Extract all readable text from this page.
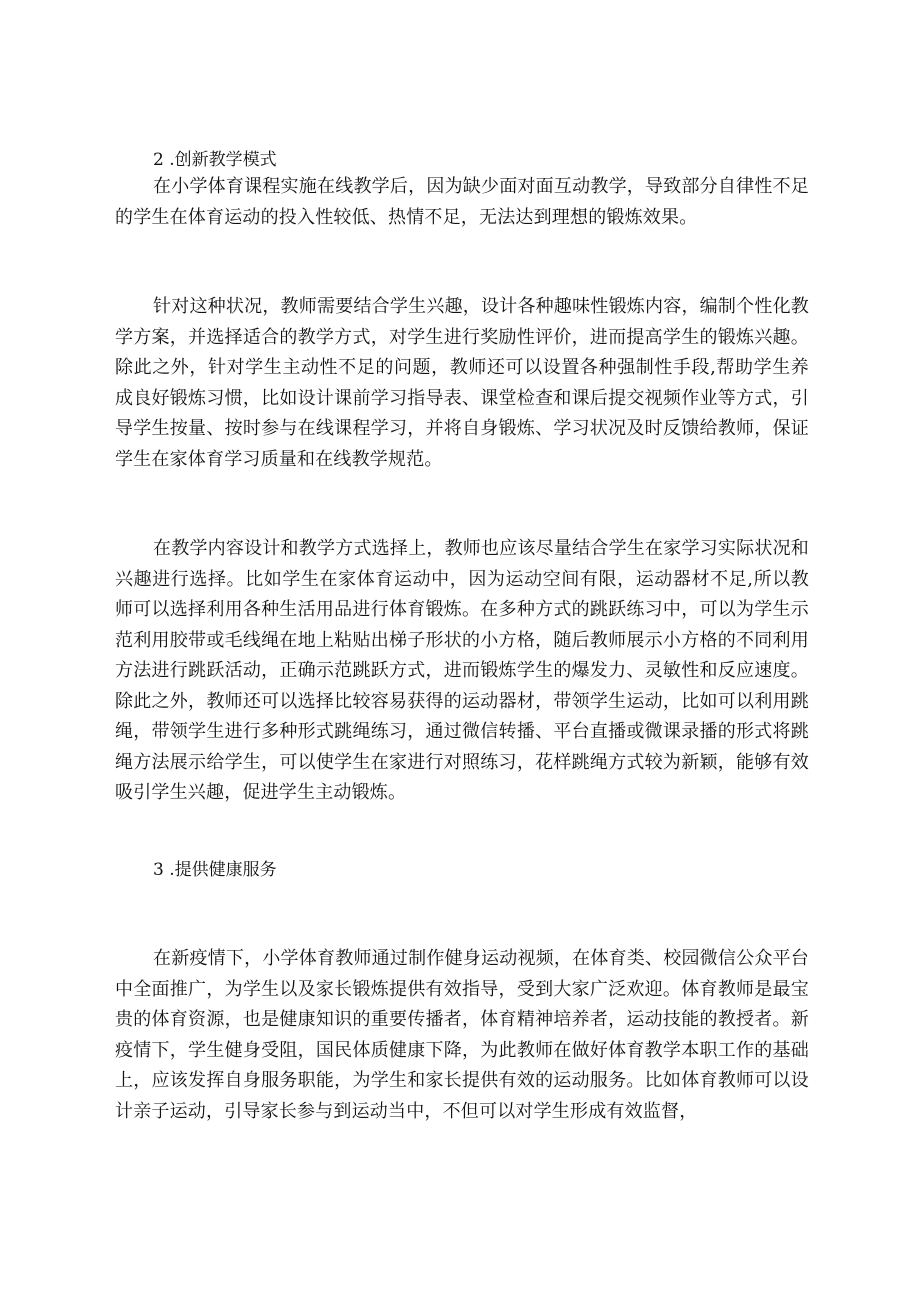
2 .创新教学模式

在小学体育课程实施在线教学后，因为缺少面对面互动教学，导致部分自律性不足的学生在体育运动的投入性较低、热情不足，无法达到理想的锻炼效果。

针对这种状况，教师需要结合学生兴趣，设计各种趣味性锻炼内容，编制个性化教学方案，并选择适合的教学方式，对学生进行奖励性评价，进而提高学生的锻炼兴趣。除此之外，针对学生主动性不足的问题，教师还可以设置各种强制性手段,帮助学生养成良好锻炼习惯，比如设计课前学习指导表、课堂检查和课后提交视频作业等方式，引导学生按量、按时参与在线课程学习，并将自身锻炼、学习状况及时反馈给教师，保证学生在家体育学习质量和在线教学规范。

在教学内容设计和教学方式选择上，教师也应该尽量结合学生在家学习实际状况和兴趣进行选择。比如学生在家体育运动中，因为运动空间有限，运动器材不足,所以教师可以选择利用各种生活用品进行体育锻炼。在多种方式的跳跃练习中，可以为学生示范利用胶带或毛线绳在地上粘贴出梯子形状的小方格，随后教师展示小方格的不同利用方法进行跳跃活动，正确示范跳跃方式，进而锻炼学生的爆发力、灵敏性和反应速度。除此之外，教师还可以选择比较容易获得的运动器材，带领学生运动，比如可以利用跳绳，带领学生进行多种形式跳绳练习，通过微信转播、平台直播或微课录播的形式将跳绳方法展示给学生，可以使学生在家进行对照练习，花样跳绳方式较为新颖，能够有效吸引学生兴趣，促进学生主动锻炼。

3 .提供健康服务

在新疫情下，小学体育教师通过制作健身运动视频，在体育类、校园微信公众平台中全面推广，为学生以及家长锻炼提供有效指导，受到大家广泛欢迎。体育教师是最宝贵的体育资源，也是健康知识的重要传播者，体育精神培养者，运动技能的教授者。新疫情下，学生健身受阻，国民体质健康下降，为此教师在做好体育教学本职工作的基础上，应该发挥自身服务职能，为学生和家长提供有效的运动服务。比如体育教师可以设计亲子运动，引导家长参与到运动当中，不但可以对学生形成有效监督，
